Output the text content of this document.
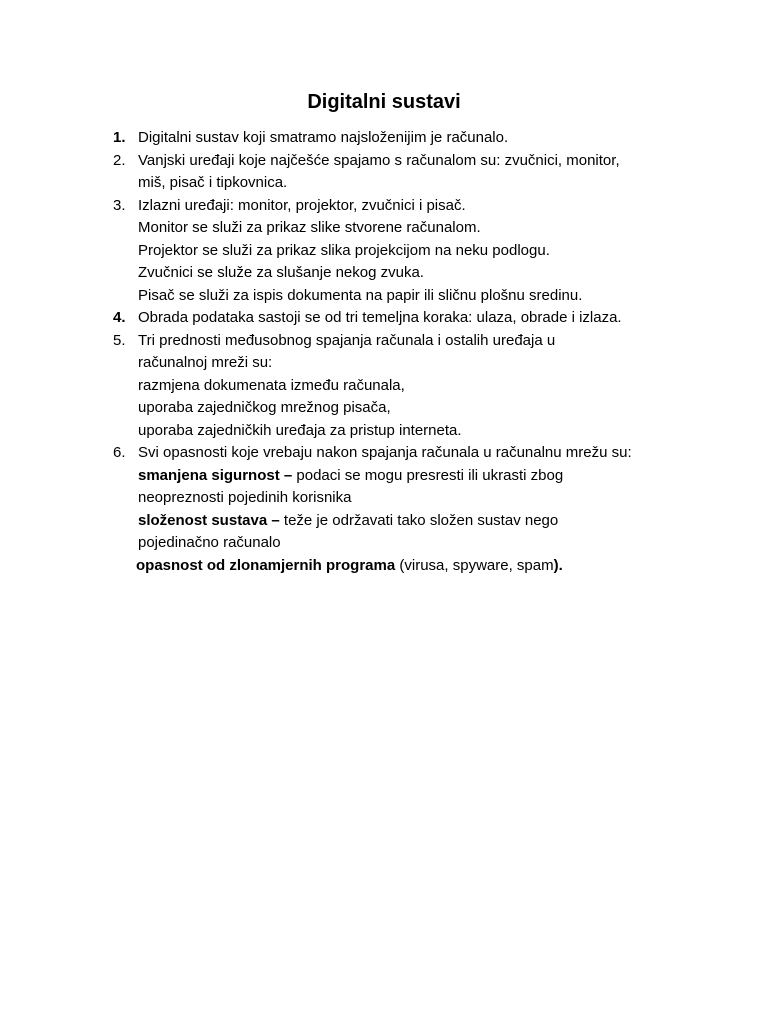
Digitalni sustavi
1. Digitalni sustav koji smatramo najsloženijim je računalo.
2. Vanjski uređaji koje najčešće spajamo s računalom su: zvučnici, monitor,
miš, pisač i tipkovnica.
3. Izlazni uređaji: monitor, projektor, zvučnici i pisač.
Monitor se služi za prikaz slike stvorene računalom.
Projektor se služi za prikaz slika projekcijom na neku podlogu.
Zvučnici se služe za slušanje nekog zvuka.
Pisač se služi za ispis dokumenta na papir ili sličnu plošnu sredinu.
4. Obrada podataka sastoji se od tri temeljna koraka: ulaza, obrade i izlaza.
5. Tri prednosti međusobnog spajanja računala i ostalih uređaja u
računalnoj mreži su:
razmjena dokumenata između računala,
uporaba zajedničkog mrežnog pisača,
uporaba zajedničkih uređaja za pristup interneta.
6. Svi opasnosti koje vrebaju nakon spajanja računala u računalnu mrežu su:
smanjena sigurnost – podaci se mogu presresti ili ukrasti zbog
neopreznosti pojedinih korisnika
složenost sustava – teže je održavati tako složen sustav nego
pojedinačno računalo
opasnost od zlonamjernih programa (virusa, spyware, spam).
